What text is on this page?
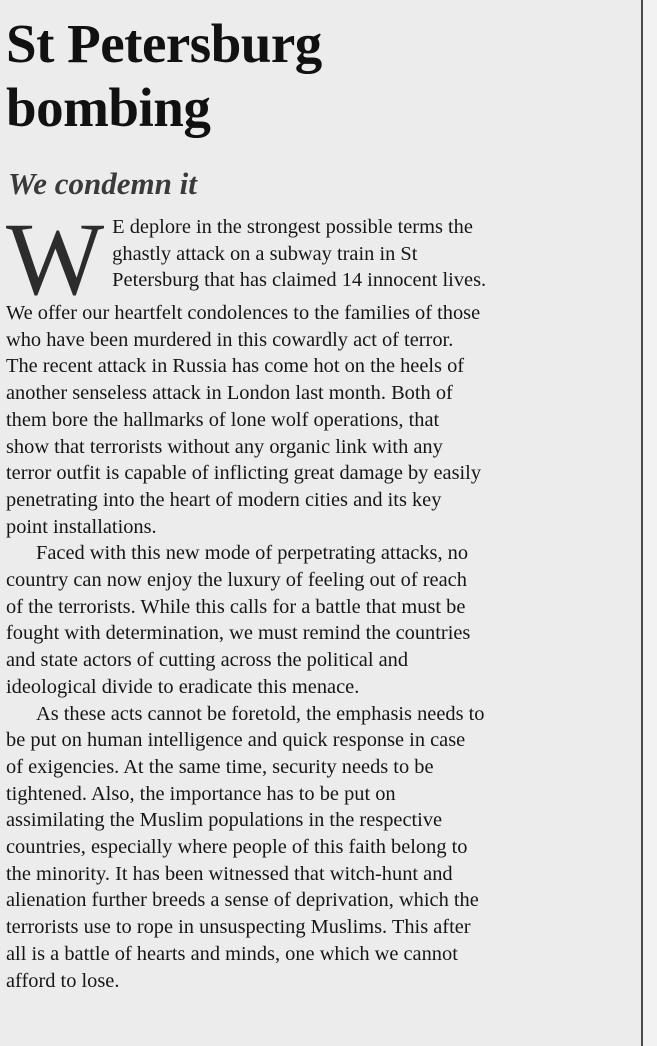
St Petersburg
bombing
We condemn it

W E deplore in the strongest possible terms the
ghastly attack on a subway train in St
Petersburg that has claimed 14 innocent lives.
We offer our heartfelt condolences to the families of those
who have been murdered in this cowardly act of terror.
The recent attack in Russia has come hot on the heels of
another senseless attack in London last month. Both of
them bore the hallmarks of lone wolf operations, that
show that terrorists without any organic link with any
terror outfit is capable of inflicting great damage by easily
penetrating into the heart of modern cities and its key
point installations.

Faced with this new mode of perpetrating attacks, no
country can now enjoy the luxury of feeling out of reach
of the terrorists. While this calls for a battle that must be
fought with determination, we must remind the countries
and state actors of cutting across the political and
ideological divide to eradicate this menace.

As these acts cannot be foretold, the emphasis needs to
be put on human intelligence and quick response in case
of exigencies. At the same time, security needs to be
tightened. Also, the importance has to be put on
assimilating the Muslim populations in the respective
countries, especially where people of this faith belong to
the minority. It has been witnessed that witch-hunt and
alienation further breeds a sense of deprivation, which the
terrorists use to rope in unsuspecting Muslims. This after
all is a battle of hearts and minds, one which we cannot
afford to lose.
